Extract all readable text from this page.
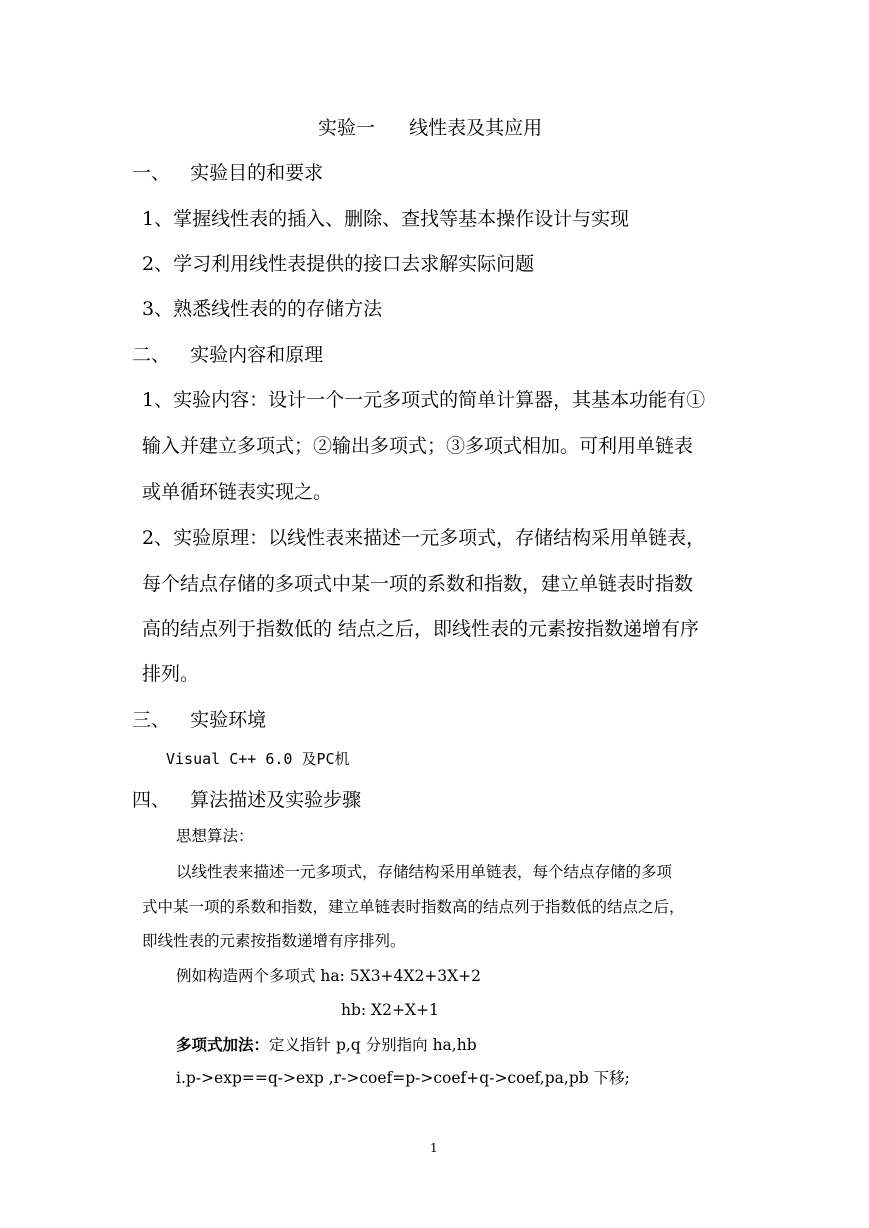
实验一 线性表及其应用
一、 实验目的和要求
1、掌握线性表的插入、删除、查找等基本操作设计与实现
2、学习利用线性表提供的接口去求解实际问题
3、熟悉线性表的的存储方法
二、 实验内容和原理
1、实验内容：设计一个一元多项式的简单计算器，其基本功能有①
输入并建立多项式；②输出多项式；③多项式相加。可利用单链表
或单循环链表实现之。
2、实验原理：以线性表来描述一元多项式，存储结构采用单链表，
每个结点存储的多项式中某一项的系数和指数，建立单链表时指数
高的结点列于指数低的 结点之后，即线性表的元素按指数递增有序
排列。
三、 实验环境
Visual C++ 6.0 及PC机
四、 算法描述及实验步骤
思想算法：
以线性表来描述一元多项式，存储结构采用单链表，每个结点存储的多项
式中某一项的系数和指数，建立单链表时指数高的结点列于指数低的结点之后，
即线性表的元素按指数递增有序排列。
例如构造两个多项式 ha: 5X3+4X2+3X+2
hb: X2+X+1
多项式加法：定义指针 p,q 分别指向 ha,hb
i.p->exp==q->exp ,r->coef=p->coef+q->coef,pa,pb 下移;
1
